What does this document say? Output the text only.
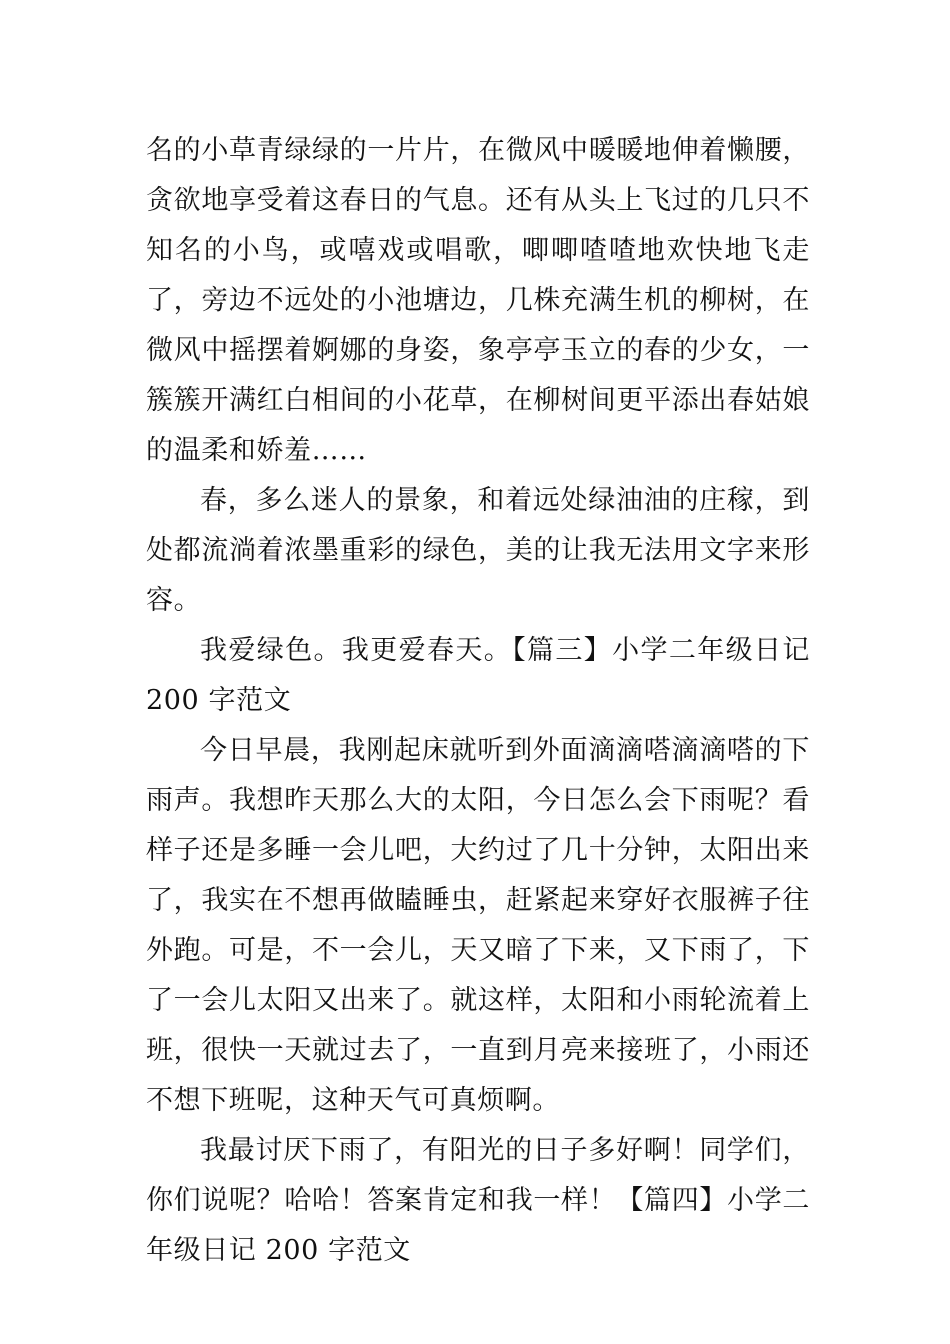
名的小草青绿绿的一片片，在微风中暖暖地伸着懒腰，贪欲地享受着这春日的气息。还有从头上飞过的几只不知名的小鸟，或嘻戏或唱歌，唧唧喳喳地欢快地飞走了，旁边不远处的小池塘边，几株充满生机的柳树，在微风中摇摆着婀娜的身姿，象亭亭玉立的春的少女，一簇簇开满红白相间的小花草，在柳树间更平添出春姑娘的温柔和娇羞……

春，多么迷人的景象，和着远处绿油油的庄稼，到处都流淌着浓墨重彩的绿色，美的让我无法用文字来形容。

我爱绿色。我更爱春天。【篇三】小学二年级日记 200 字范文

今日早晨，我刚起床就听到外面滴滴嗒滴滴嗒的下雨声。我想昨天那么大的太阳，今日怎么会下雨呢？看样子还是多睡一会儿吧，大约过了几十分钟，太阳出来了，我实在不想再做瞌睡虫，赶紧起来穿好衣服裤子往外跑。可是，不一会儿，天又暗了下来，又下雨了，下了一会儿太阳又出来了。就这样，太阳和小雨轮流着上班，很快一天就过去了，一直到月亮来接班了，小雨还不想下班呢，这种天气可真烦啊。

我最讨厌下雨了，有阳光的日子多好啊！同学们，你们说呢？哈哈！答案肯定和我一样！【篇四】小学二年级日记 200 字范文
